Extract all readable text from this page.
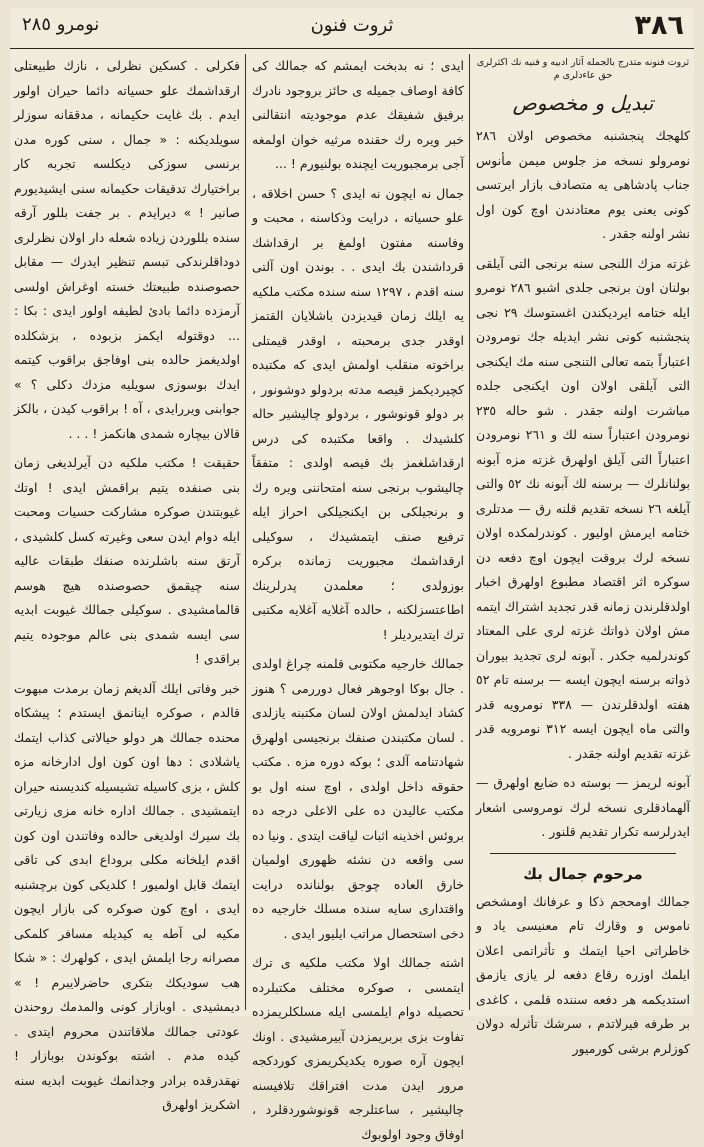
٣٨٦
ثروت فنون
نومرو ٢٨٥

ثروت فنونه متدرج بالجمله آثار ادبیه و فنیه نك اكثرلرى حق عاءدلرى م

تبدیل و مخصوص

كلهجك پنجشنبه مخصوص اولان ٢٨٦ نومرولو نسخه مز جلوس میمن مأنوس جناب پادشاهى یه متصادف بازار ایرتسى كونى یعنى یوم معتادندن اوچ كون اول نشر اولنه جقدر .

غزته مزك اللنجى سنه برنجى التى آیلقى بولنان اون برنجى جلدى اشبو ٢٨٦ نومرو ایله ختامه ایردیكندن اغستوسك ٢٩ نجى پنجشنبه كونى نشر ایدیله جك نومرودن اعتباراً بتمه تعالى التنجى سنه مك ایكنجى التى آیلقى اولان اون ایكنجى جلده مباشرت اولنه جقدر . شو حاله ٢٣٥ نومرودن اعتباراً سنه لك و ٢٦١ نومرودن اعتباراً التى آیلق اولهرق غزته مزه آبونه بولنانلرك — برسنه لك آبونه نك ٥٢ والتى آیلغه ٢٦ نسخه تقدیم قلنه رق — مدتلرى ختامه ایرمش اولیور . كوندرلمكده اولان نسخه لرك بروقت ایچون اوچ دفعه دن سوكره اثر اقتصاد مطبوع اولهرق اخبار اولدقلرندن زمانه قدر تجدید اشتراك ایتمه مش اولان ذواتك غزته لرى على المعتاد كوندرلمیه جكدر . آبونه لرى تجدید بیوران ذواته برسنه ایچون ایسه — برسنه تام ٥٢ هفته اولدقلرندن — ٣٣٨ نومرویه قدر والتى ماه ایچون ایسه ٣١٢ نومرویه قدر غزته تقدیم اولنه جقدر .

آبونه لریمز — بوسته ده ضایع اولهرق — آلهمادقلرى نسخه لرك نومروسى اشعار ایدرلرسه تكرار تقدیم قلنور .

مرحوم جمال بك

جمالك اومحجم ذكا و عرفانك اومشخص ناموس و وقارك تام معنیسى یاد و خاطراتى احیا ایتمك و تأثراتمى اعلان ایلمك اوزره رقاع دفعه لر یازى یازمق استدیكمه هر دفعه سننده قلمى ، كاغدى بر طرفه فیرلاتدم ، سرشك تأثرله دولان كوزلرم برشى كورمیور

ایدى ؛ نه بدبخت ایمشم كه جمالك كى كافة اوصاف جمیله ى حائز بروجود نادرك برفیق شفیقك عدم موجودیته انتقالنى خبر ویره رك حقنده مرثیه خوان اولمغه آجى برمجبوریت ایچنده بولنیورم ! ...

جمال نه ایچون نه ایدى ؟ حسن اخلاقه ، علو حسیاته ، درایت وذكاسنه ، محبت و وفاسنه مفتون اولمغ بر ارقداشك قرداشندن بك ایدى . . بوندن اون آلتى سنه اقدم ، ١٢٩٧ سنه سنده مكتب ملكیه یه ایلك زمان قیدیزدن باشلایان القتمز اوقدر جدى برمحبته ، اوقدر قیمتلى براخوته منقلب اولمش ایدى كه مكتبده كچیردیكمز قیصه مدته بردولو دوشونور ، بر دولو قونوشور ، بردولو چالیشیر حاله كلشیدك . واقعا مكتبده كى درس ارقداشلغمز بك قیصه اولدى : متفقاً چالیشوب برنجى سنه امتحاننى ویره رك و برنجیلكى بن ایكنجیلكى احراز ایله ترفیع صنف ایتمشیدك ، سوكیلى ارقداشمك مجبوریت زمانده بركره بوزولدى ؛ معلمدن پدرلرینك اطاعتسزلكنه ، حالده آغلایه آغلایه مكتبى ترك ایتدیردیلر !

جمالك خارجیه مكتوبى قلمنه چراغ اولدى . جال بوكا اوجوهر فعال دوررمى ؟ هنوز كشاد ایدلمش اولان لسان مكتبنه یازلدى . لسان مكتبندن صنفك برنجیسى اولهرق شهادتنامه آلدى ؛ بوكه دوره مزه . مكتب حقوقه داخل اولدى ، اوچ سنه اول بو مكتب عالیدن ده على الاعلى درجه ده بروئس اخذینه اثبات لیاقت ایتدى . ونیا ده سى واقعه دن نشئه ظهورى اولمیان خارق العاده چوجق بولنانده درایت واقتدارى سایه سنده مسلك خارجیه ده دخى استحصال مراتب ایلیور ایدى .

اشته جمالك اولا مكتب ملكیه ى ترك ایتمسى ، صوكره مختلف مكتبلرده تحصیله دوام ایلمسى ایله مسلكلریمزده تفاوت بزى بربریمزدن آییرمشیدى . اونك ایچون آره صوره یكدیكریمزى كوردكجه مرور ایدن مدت افتراقك تلافیسنه چالیشیر ، ساعتلرجه قونوشوردقلرد ، اوفاق وجود اولوبوك

فكرلى . كسكین نظرلى ، نازك طبیعتلى ارقداشمك علو حسیاته دائما حیران اولور ایدم . بك غایت حكیمانه ، مدققانه سوزلر سویلدیكنه : « جمال ، سنى كوره مدن برنسى سوزكى دیكلسه تجربه كار براختیارك تدقیقات حكیمانه سنى ایشیدیورم صانیر ! » دیرایدم . بر جفت بللور آرقه سنده بللوردن زیاده شعله دار اولان نظرلرى دوداقلرندكى تبسم تنظیر ایدرك — مقابل حصوصنده طبیعتك خسته اوغراش اولسى آرمزده دائما بادئ لطیفه اولور ایدى : بكا : ... دوقتوله ایكمز بزبوده ، بزشكلده اولدیغمز حالده بنى اوفاجق براقوب كیتمه ایدك بوسوزى سویلیه مزدك دكلى ؟ » جوابنى ویررایدى ، آه ! براقوب كیدن ، بالكز قالان بیچاره شمدى هانكمز ! . . .

حقیقت ! مكتب ملكیه دن آیرلدیغى زمان بنى صنفده یتیم براقمش ایدى ! اوتك غیوبتندن صوكره مشاركت حسیات ومحبت ایله دوام ایدن سعى وغیرته كسل كلشیدى ، آرتق سنه باشلرنده صنفك طبقات عالیه سنه چیقمق حصوصنده هیچ هوسم قالمامشیدى . سوكیلى جمالك غیوبت ابدیه سى ایسه شمدى بنى عالم موجوده یتیم براقدى !

خبر وفاتى ایلك آلدیغم زمان برمدت مبهوت قالدم ، صوكره اینانمق ایستدم ؛ پیشكاه محنده جمالك هر دولو حیالاتى كذاب ایتمك یاشلادى : دها اون كون اول ادارخانه مزه كلش ، بزى كاسیله تشیسیله كندیسنه حیران ایتمشیدى . جمالك اداره خانه مزى زیارتى بك سیرك اولدیغى حالده وفاتندن اون كون اقدم ایلخانه مكلی بروداع ابدى كى تاقى ایتمك قابل اولمیور ! كلدیكى كون برچشنبه ایدى ، اوچ كون صوكره كى بازار ایچون مكیه لى آطه یه كیدیله مسافر كلمكى مصرانه رجا ایلمش ایدى ، كولهرك : « شكا هب سودیكك بتكرى حاضرلایبرم ! » دیمشیدى . اوبازار كونى والمدمك روحندن عودتى جمالك ملاقاتندن محروم ایتدى . كیده مدم . اشته بوكوندن بوبازار ! نهقدرقده برادر وجدانمك غیوبت ابدیه سنه اشكریز اولهرق
